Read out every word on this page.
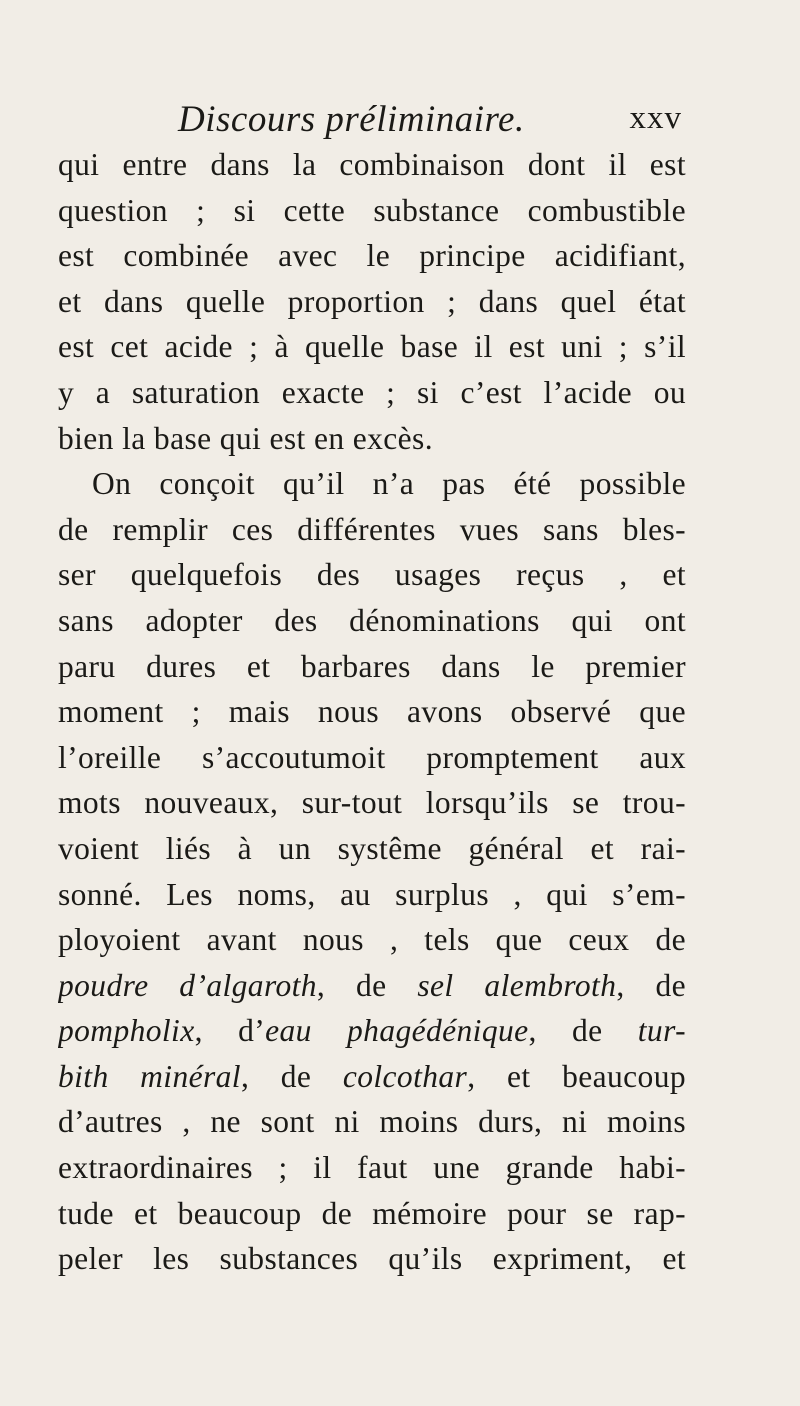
Discours préliminaire.	xxv
qui entre dans la combinaison dont il est
question ; si cette substance combustible
est combinée avec le principe acidifiant,
et dans quelle proportion ; dans quel état
est cet acide ; à quelle base il est uni ; s’il
y a saturation exacte ; si c’est l’acide ou
bien la base qui est en excès.
On conçoit qu’il n’a pas été possible
de remplir ces différentes vues sans bles-
ser quelquefois des usages reçus , et
sans adopter des dénominations qui ont
paru dures et barbares dans le premier
moment ; mais nous avons observé que
l’oreille s’accoutumoit promptement aux
mots nouveaux, sur-tout lorsqu’ils se trou-
voient liés à un systême général et rai-
sonné. Les noms, au surplus , qui s’em-
ployoient avant nous , tels que ceux de
poudre d’algaroth, de sel alembroth, de
pompholix, d’eau phagédénique, de tur-
bith minéral, de colcothar, et beaucoup
d’autres , ne sont ni moins durs, ni moins
extraordinaires ; il faut une grande habi-
tude et beaucoup de mémoire pour se rap-
peler les substances qu’ils expriment, et
